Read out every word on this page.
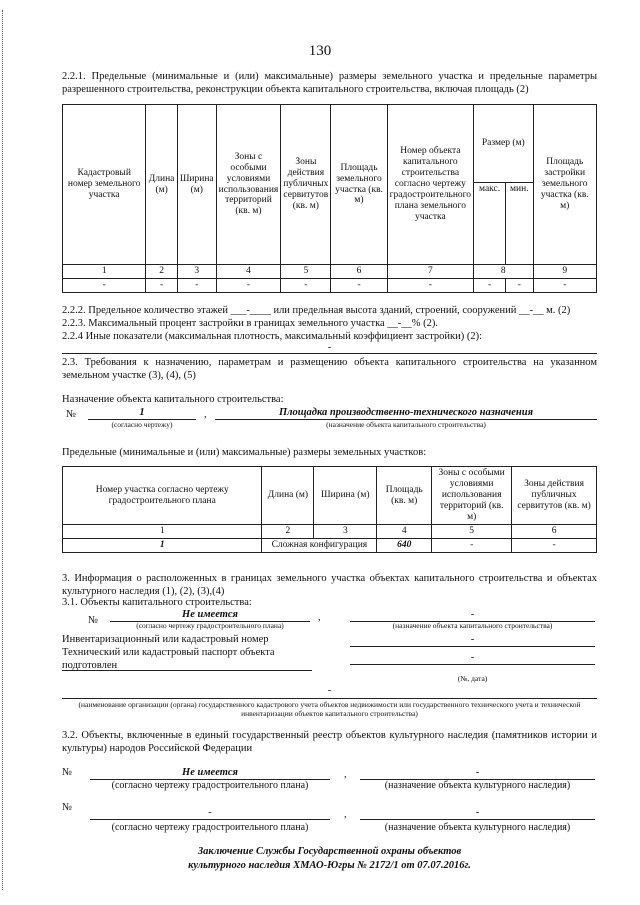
130
2.2.1. Предельные (минимальные и (или) максимальные) размеры земельного участка и предельные параметры разрешенного строительства, реконструкции объекта капитального строительства, включая площадь (2)
Кадастровый номер земельного участка	Длина (м)	Ширина (м)	Зоны с особыми условиями использования территорий (кв. м)	Зоны действия публичных сервитутов (кв. м)	Площадь земельного участка (кв. м)	Номер объекта капитального строительства согласно чертежу градостроительного плана земельного участка	Размер (м)		Площадь застройки земельного участка (кв. м)
							макс.	мин.	
1	2	3	4	5	6	7	8		9
-	-	-	-	-	-	-	-	-	-
2.2.2. Предельное количество этажей ___-____ или предельная высота зданий, строений, сооружений __-__ м. (2)
2.2.3. Максимальный процент застройки в границах земельного участка __-__% (2).
2.2.4 Иные показатели (максимальная плотность, максимальный коэффициент застройки) (2):
-
2.3. Требования к назначению, параметрам и размещению объекта капитального строительства на указанном земельном участке (3), (4), (5)
Назначение объекта капитального строительства:
№	1	,	Площадка производственно-технического назначения
(согласно чертежу)	(назначение объекта капитального строительства)
Предельные (минимальные и (или) максимальные) размеры земельных участков:
Номер участка согласно чертежу градостроительного плана	Длина (м)	Ширина (м)	Площадь (кв. м)	Зоны с особыми условиями использования территорий (кв. м)	Зоны действия публичных сервитутов (кв. м)
1	2	3	4	5	6
1	Сложная конфигурация		640	-	-
3. Информация о расположенных в границах земельного участка объектах капитального строительства и объектах культурного наследия (1), (2), (3),(4)
3.1. Объекты капитального строительства:
№
Не имеется	,	-
(согласно чертежу градостроительного плана)	(назначение объекта капитального строительства)
Инвентаризационный или кадастровый номер	-
Технический или кадастровый паспорт объекта подготовлен
-
(№, дата)
-
(наименование организации (органа) государственного кадастрового учета объектов недвижимости или государственного технического учета и технической инвентаризации объектов капитального строительства)
3.2. Объекты, включенные в единый государственный реестр объектов культурного наследия (памятников истории и культуры) народов Российской Федерации
№	Не имеется	,	-
(согласно чертежу градостроительного плана)	(назначение объекта культурного наследия)
№	-	,	-
(согласно чертежу градостроительного плана)	(назначение объекта культурного наследия)
Заключение Службы Государственной охраны объектов
культурного наследия ХМАО-Югры № 2172/1 от 07.07.2016г.
